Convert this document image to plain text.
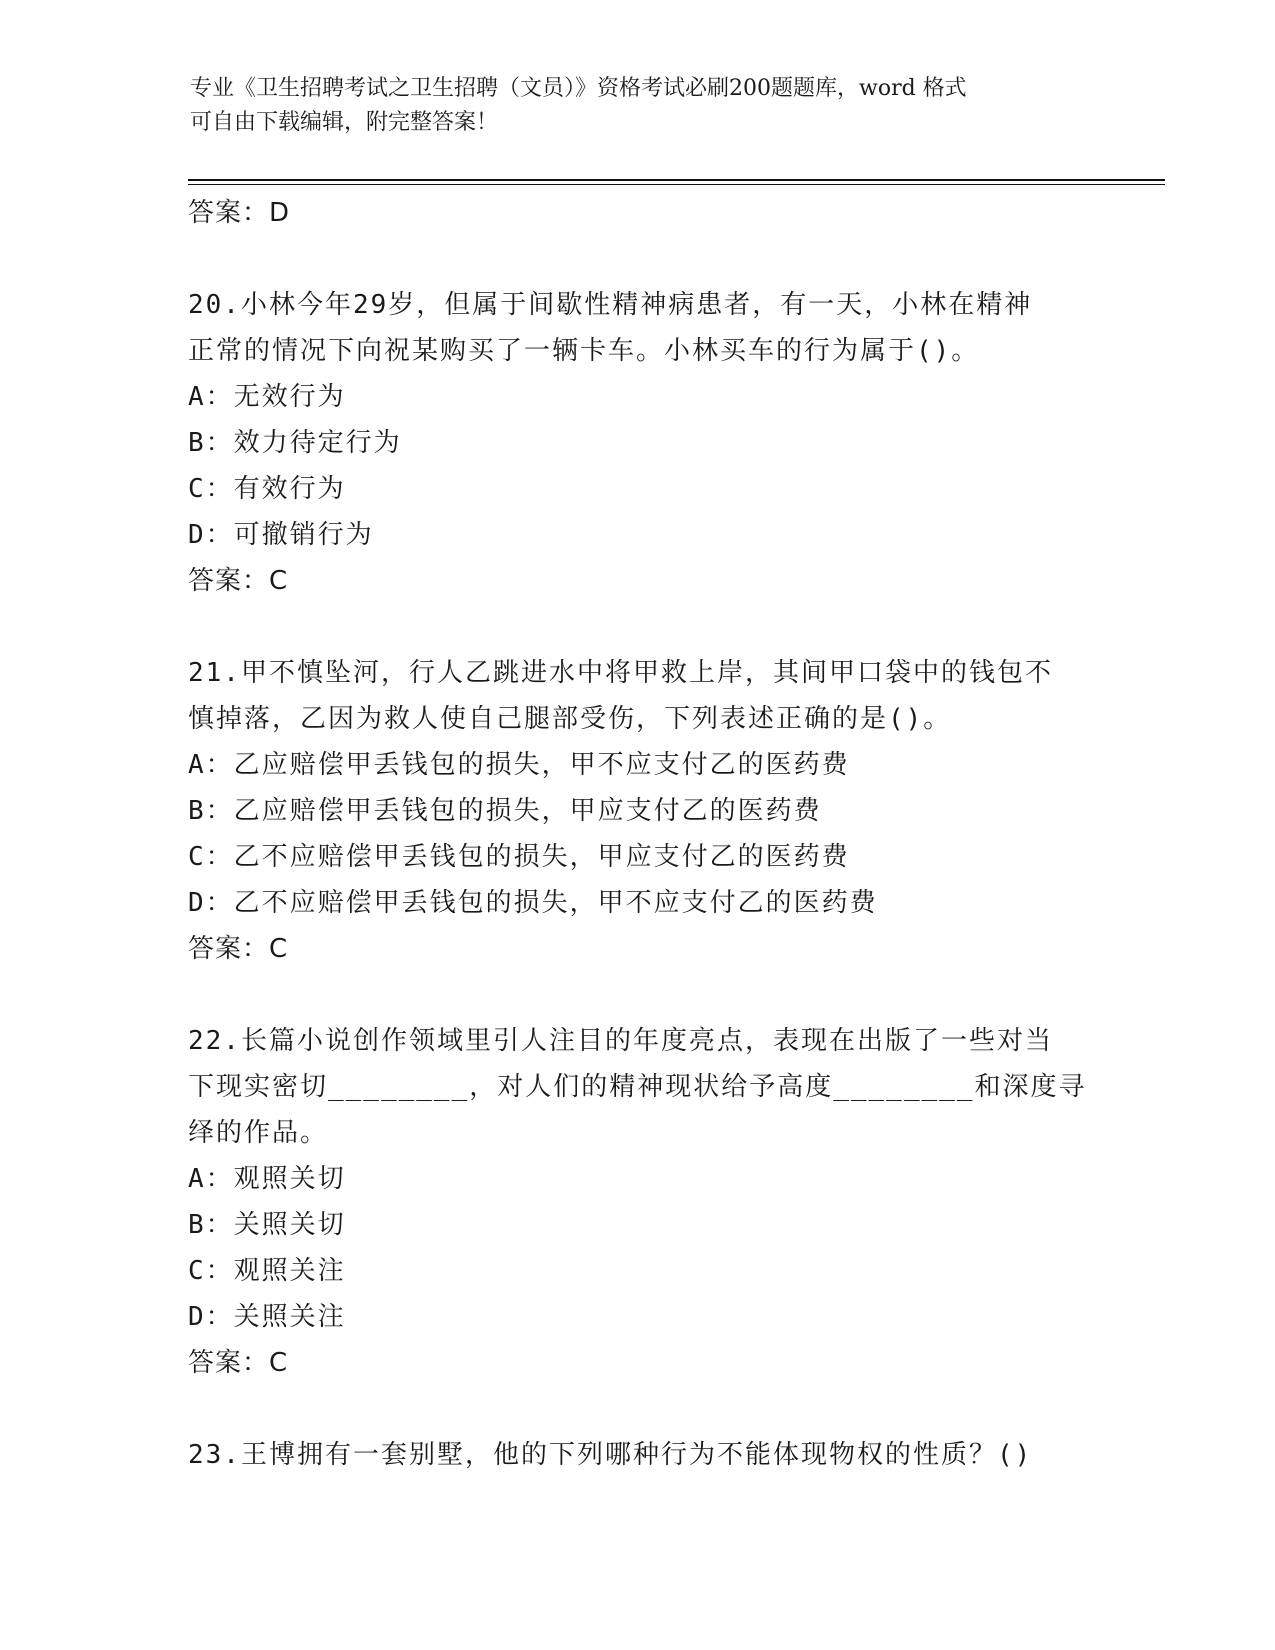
专业《卫生招聘考试之卫生招聘（文员）》资格考试必刷200题题库，word 格式
可自由下载编辑，附完整答案！
答案：D
20.小林今年29岁，但属于间歇性精神病患者，有一天，小林在精神
正常的情况下向祝某购买了一辆卡车。小林买车的行为属于()。
A：无效行为
B：效力待定行为
C：有效行为
D：可撤销行为
答案：C
21.甲不慎坠河，行人乙跳进水中将甲救上岸，其间甲口袋中的钱包不
慎掉落，乙因为救人使自己腿部受伤，下列表述正确的是()。
A：乙应赔偿甲丢钱包的损失，甲不应支付乙的医药费
B：乙应赔偿甲丢钱包的损失，甲应支付乙的医药费
C：乙不应赔偿甲丢钱包的损失，甲应支付乙的医药费
D：乙不应赔偿甲丢钱包的损失，甲不应支付乙的医药费
答案：C
22.长篇小说创作领域里引人注目的年度亮点，表现在出版了一些对当
下现实密切________，对人们的精神现状给予高度________和深度寻
绎的作品。
A：观照关切
B：关照关切
C：观照关注
D：关照关注
答案：C
23.王博拥有一套别墅，他的下列哪种行为不能体现物权的性质？()
